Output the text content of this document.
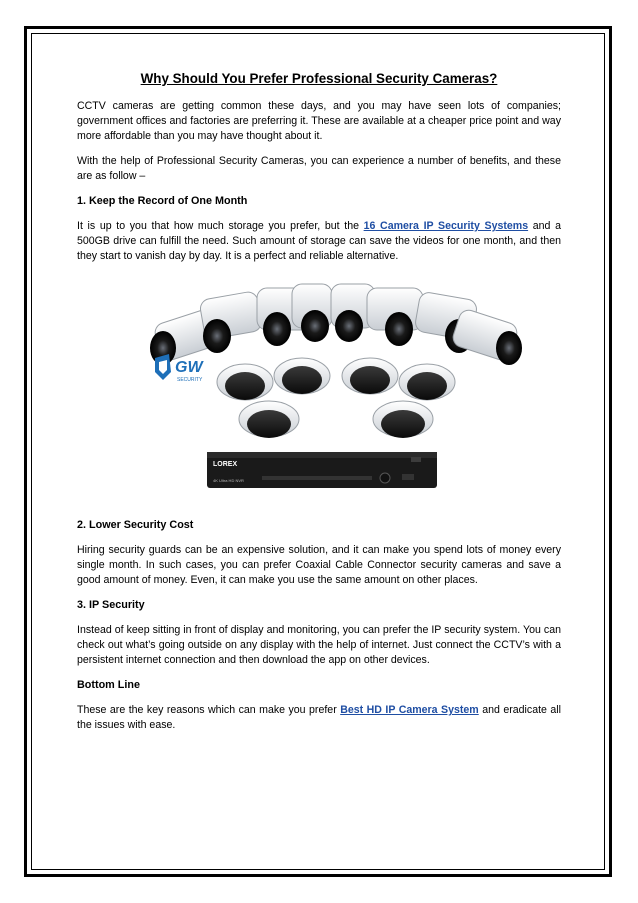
Why Should You Prefer Professional Security Cameras?

CCTV cameras are getting common these days, and you may have seen lots of companies; government offices and factories are preferring it. These are available at a cheaper price point and way more affordable than you may have thought about it.

With the help of Professional Security Cameras, you can experience a number of benefits, and these are as follow –

1. Keep the Record of One Month

It is up to you that how much storage you prefer, but the 16 Camera IP Security Systems and a 500GB drive can fulfill the need. Such amount of storage can save the videos for one month, and then they start to vanish day by day. It is a perfect and reliable alternative.

GW
SECURITY
LOREX
4K Ultra HD NVR
2. Lower Security Cost

Hiring security guards can be an expensive solution, and it can make you spend lots of money every single month. In such cases, you can prefer Coaxial Cable Connector security cameras and save a good amount of money. Even, it can make you use the same amount on other places.

3. IP Security

Instead of keep sitting in front of display and monitoring, you can prefer the IP security system. You can check out what’s going outside on any display with the help of internet. Just connect the CCTV’s with a persistent internet connection and then download the app on other devices.

Bottom Line

These are the key reasons which can make you prefer Best HD IP Camera System and eradicate all the issues with ease.
